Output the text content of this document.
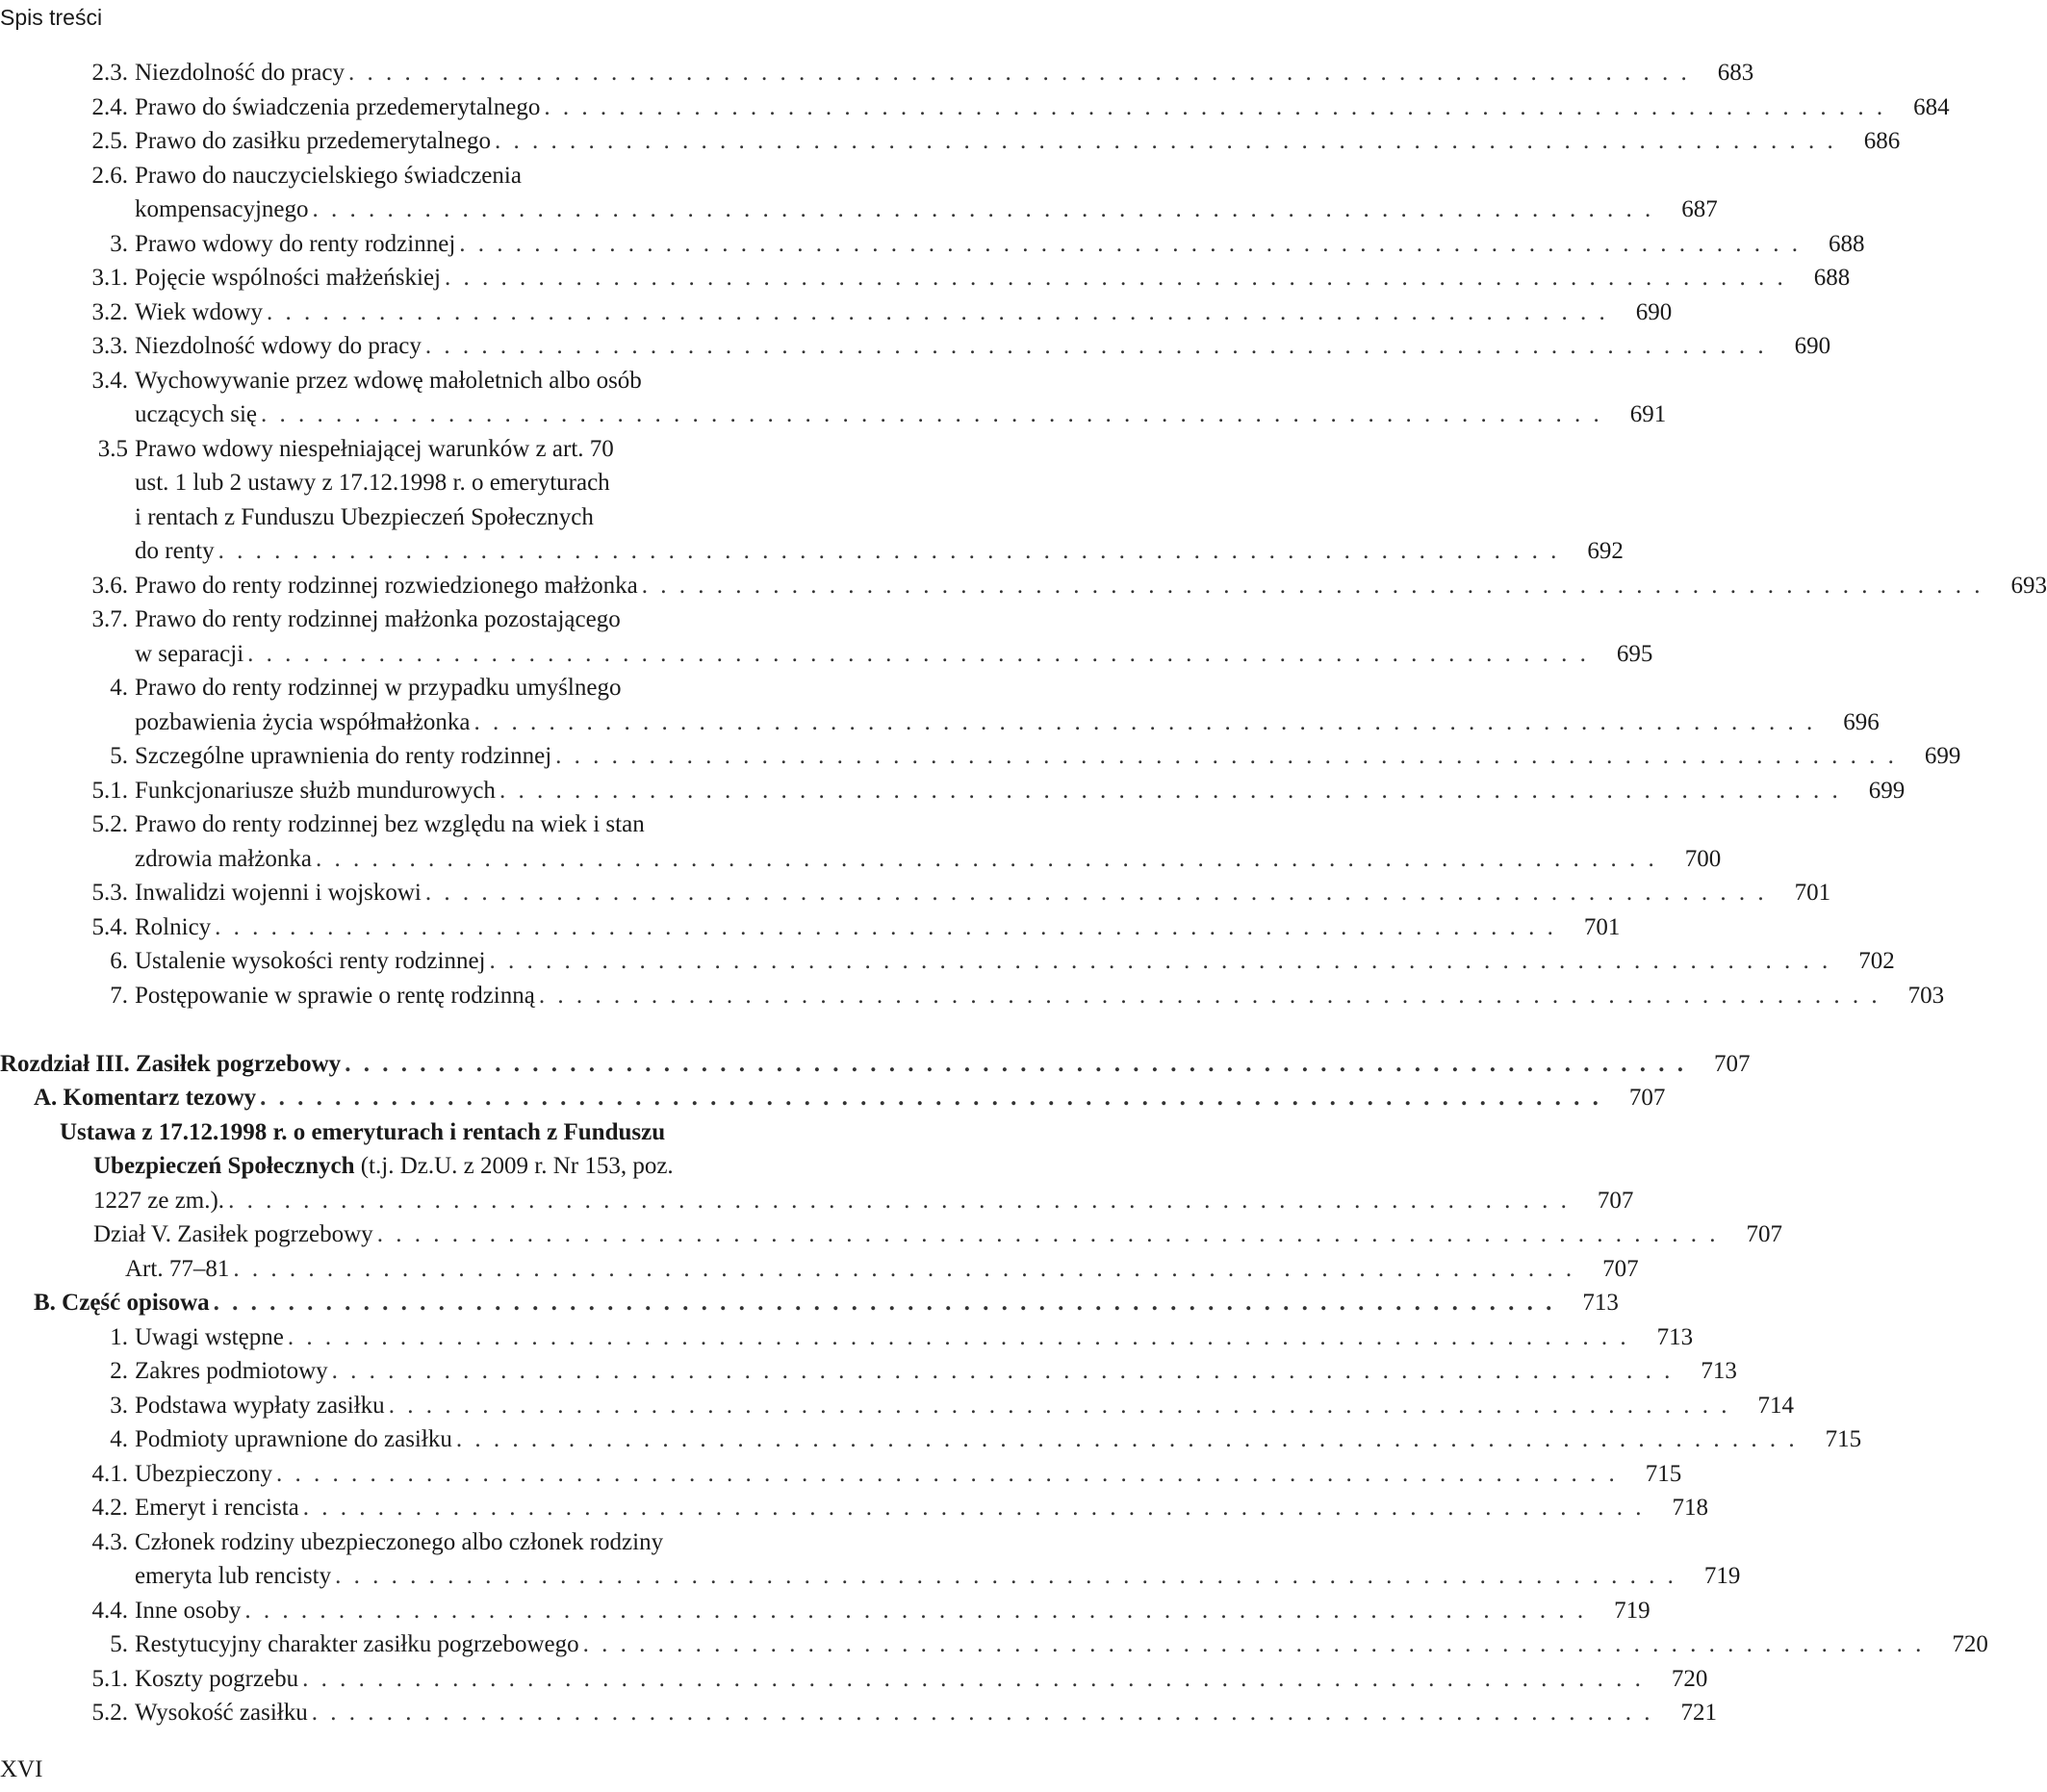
Spis treści
2.3. Niezdolność do pracy . . .	683
2.4. Prawo do świadczenia przedemerytalnego . . .	684
2.5. Prawo do zasiłku przedemerytalnego . . .	686
2.6. Prawo do nauczycielskiego świadczenia
kompensacyjnego . . .	687
3. Prawo wdowy do renty rodzinnej . . .	688
3.1. Pojęcie wspólności małżeńskiej . . .	688
3.2. Wiek wdowy . . .	690
3.3. Niezdolność wdowy do pracy . . .	690
3.4. Wychowywanie przez wdowę małoletnich albo osób
uczących się . . .	691
3.5 Prawo wdowy niespełniającej warunków z art. 70
ust. 1 lub 2 ustawy z 17.12.1998 r. o emeryturach
i rentach z Funduszu Ubezpieczeń Społecznych
do renty . . .	692
3.6. Prawo do renty rodzinnej rozwiedzionego małżonka . . .	693
3.7. Prawo do renty rodzinnej małżonka pozostającego
w separacji . . .	695
4. Prawo do renty rodzinnej w przypadku umyślnego
pozbawienia życia współmałżonka . . .	696
5. Szczególne uprawnienia do renty rodzinnej . . .	699
5.1. Funkcjonariusze służb mundurowych . . .	699
5.2. Prawo do renty rodzinnej bez względu na wiek i stan
zdrowia małżonka . . .	700
5.3. Inwalidzi wojenni i wojskowi . . .	701
5.4. Rolnicy . . .	701
6. Ustalenie wysokości renty rodzinnej . . .	702
7. Postępowanie w sprawie o rentę rodzinną . . .	703
Rozdział III. Zasiłek pogrzebowy . . .	707
A. Komentarz tezowy . . .	707
Ustawa z 17.12.1998 r. o emeryturach i rentach z Funduszu
Ubezpieczeń Społecznych (t.j. Dz.U. z 2009 r. Nr 153, poz.
1227 ze zm.). . . .	707
Dział V. Zasiłek pogrzebowy . . .	707
Art. 77–81 . . .	707
B. Część opisowa . . .	713
1. Uwagi wstępne . . .	713
2. Zakres podmiotowy . . .	713
3. Podstawa wypłaty zasiłku . . .	714
4. Podmioty uprawnione do zasiłku . . .	715
4.1. Ubezpieczony . . .	715
4.2. Emeryt i rencista . . .	718
4.3. Członek rodziny ubezpieczonego albo członek rodziny
emeryta lub rencisty . . .	719
4.4. Inne osoby . . .	719
5. Restytucyjny charakter zasiłku pogrzebowego . . .	720
5.1. Koszty pogrzebu . . .	720
5.2. Wysokość zasiłku . . .	721
XVI
